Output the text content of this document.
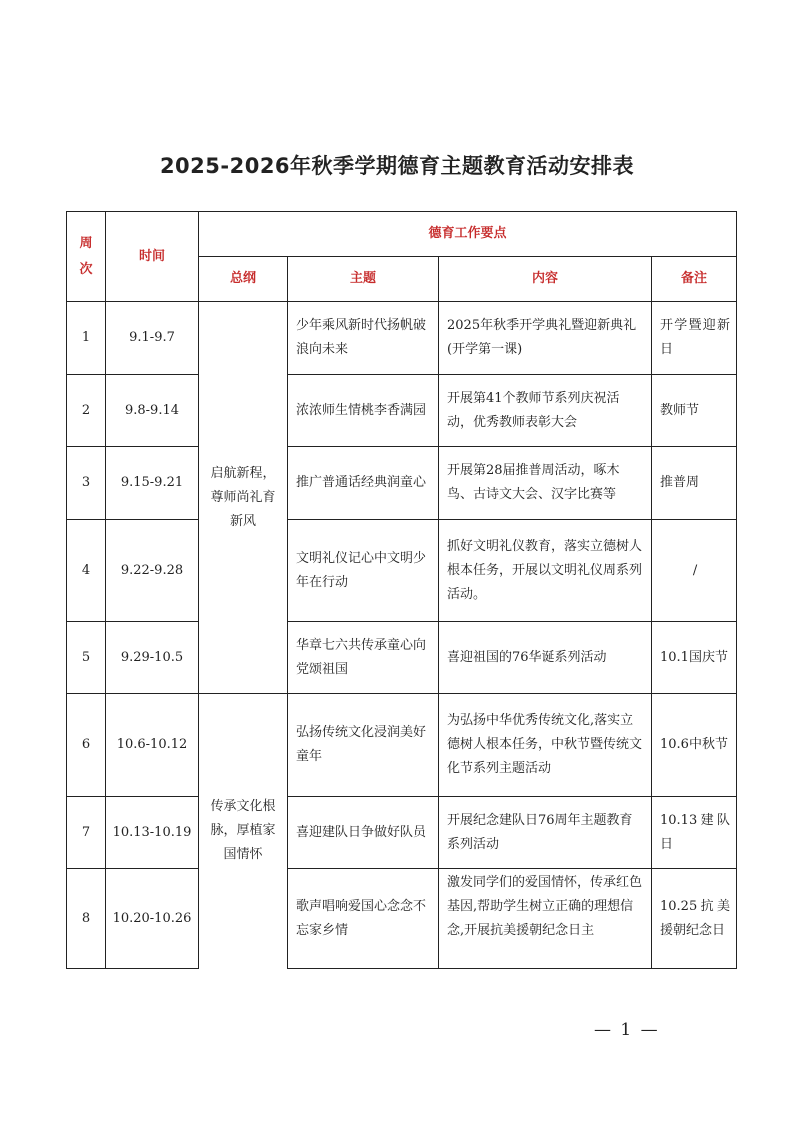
2025-2026年秋季学期德育主题教育活动安排表
周次	时间	德育工作要点			
		总纲	主题	内容	备注
1	9.1-9.7	启航新程，尊师尚礼育新风	少年乘风新时代扬帆破浪向未来	2025年秋季开学典礼暨迎新典礼(开学第一课)	开学暨迎新日
2	9.8-9.14		浓浓师生情桃李香满园	开展第41个教师节系列庆祝活动，优秀教师表彰大会	教师节
3	9.15-9.21		推广普通话经典润童心	开展第28届推普周活动，啄木鸟、古诗文大会、汉字比赛等	推普周
4	9.22-9.28		文明礼仪记心中文明少年在行动	抓好文明礼仪教育，落实立德树人根本任务，开展以文明礼仪周系列活动。	/
5	9.29-10.5		华章七六共传承童心向党颂祖国	喜迎祖国的76华诞系列活动	10.1国庆节
6	10.6-10.12	传承文化根脉，厚植家国情怀	弘扬传统文化浸润美好童年	为弘扬中华优秀传统文化,落实立德树人根本任务，中秋节暨传统文化节系列主题活动	10.6中秋节
7	10.13-10.19		喜迎建队日争做好队员	开展纪念建队日76周年主题教育系列活动	10.13建队日
8	10.20-10.26		歌声唱响爱国心念念不忘家乡情	激发同学们的爱国情怀，传承红色基因,帮助学生树立正确的理想信念,开展抗美援朝纪念日主	10.25抗美援朝纪念日
— 1 —
